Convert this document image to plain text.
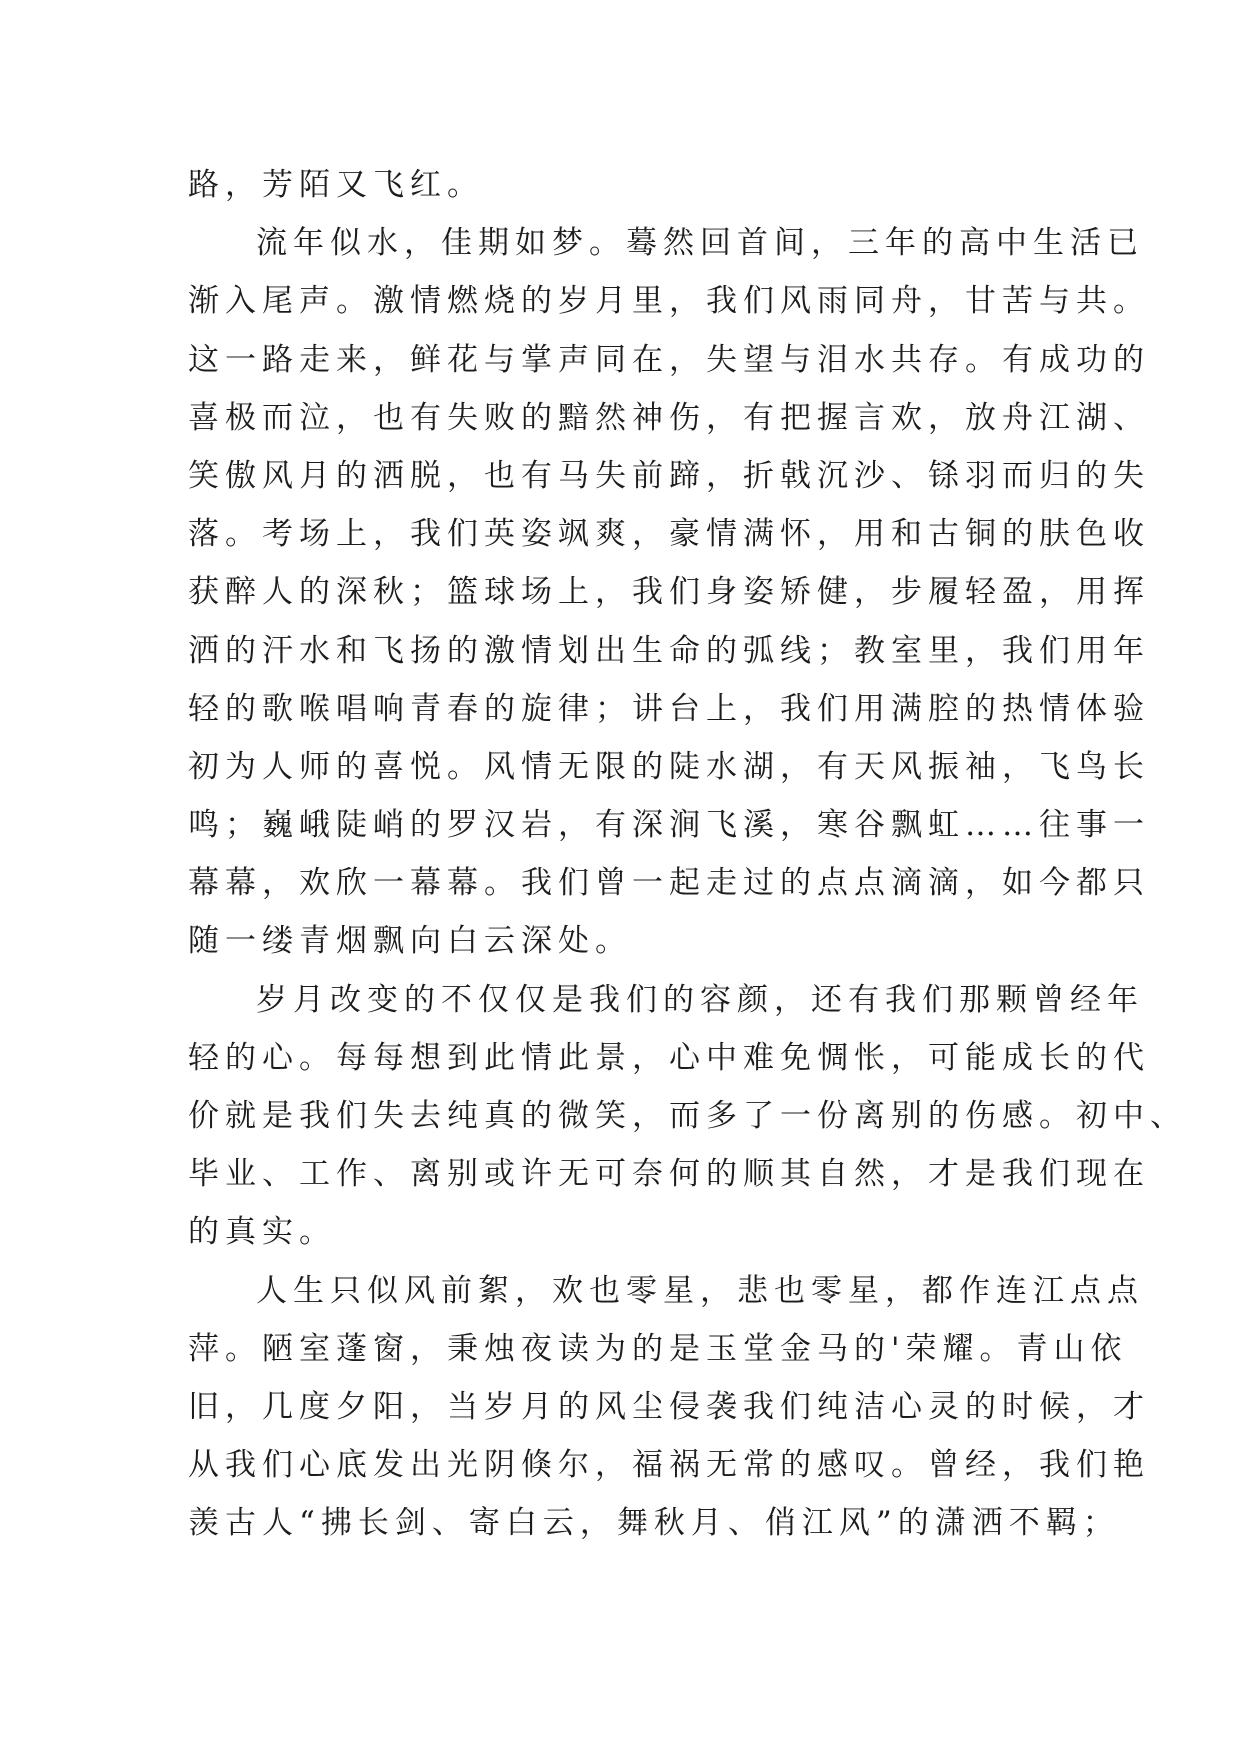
路，芳陌又飞红。
流年似水，佳期如梦。蓦然回首间，三年的高中生活已
渐入尾声。激情燃烧的岁月里，我们风雨同舟，甘苦与共。
这一路走来，鲜花与掌声同在，失望与泪水共存。有成功的
喜极而泣，也有失败的黯然神伤，有把握言欢，放舟江湖、
笑傲风月的洒脱，也有马失前蹄，折戟沉沙、铩羽而归的失
落。考场上，我们英姿飒爽，豪情满怀，用和古铜的肤色收
获醉人的深秋；篮球场上，我们身姿矫健，步履轻盈，用挥
洒的汗水和飞扬的激情划出生命的弧线；教室里，我们用年
轻的歌喉唱响青春的旋律；讲台上，我们用满腔的热情体验
初为人师的喜悦。风情无限的陡水湖，有天风振袖，飞鸟长
鸣；巍峨陡峭的罗汉岩，有深涧飞溪，寒谷飘虹……往事一
幕幕，欢欣一幕幕。我们曾一起走过的点点滴滴，如今都只
随一缕青烟飘向白云深处。
岁月改变的不仅仅是我们的容颜，还有我们那颗曾经年
轻的心。每每想到此情此景，心中难免惆怅，可能成长的代
价就是我们失去纯真的微笑，而多了一份离别的伤感。初中、
毕业、工作、离别或许无可奈何的顺其自然，才是我们现在
的真实。
人生只似风前絮，欢也零星，悲也零星，都作连江点点
萍。陋室蓬窗，秉烛夜读为的是玉堂金马的'荣耀。青山依
旧，几度夕阳，当岁月的风尘侵袭我们纯洁心灵的时候，才
从我们心底发出光阴倏尔，福祸无常的感叹。曾经，我们艳
羡古人“拂长剑、寄白云，舞秋月、俏江风”的潇洒不羁；
